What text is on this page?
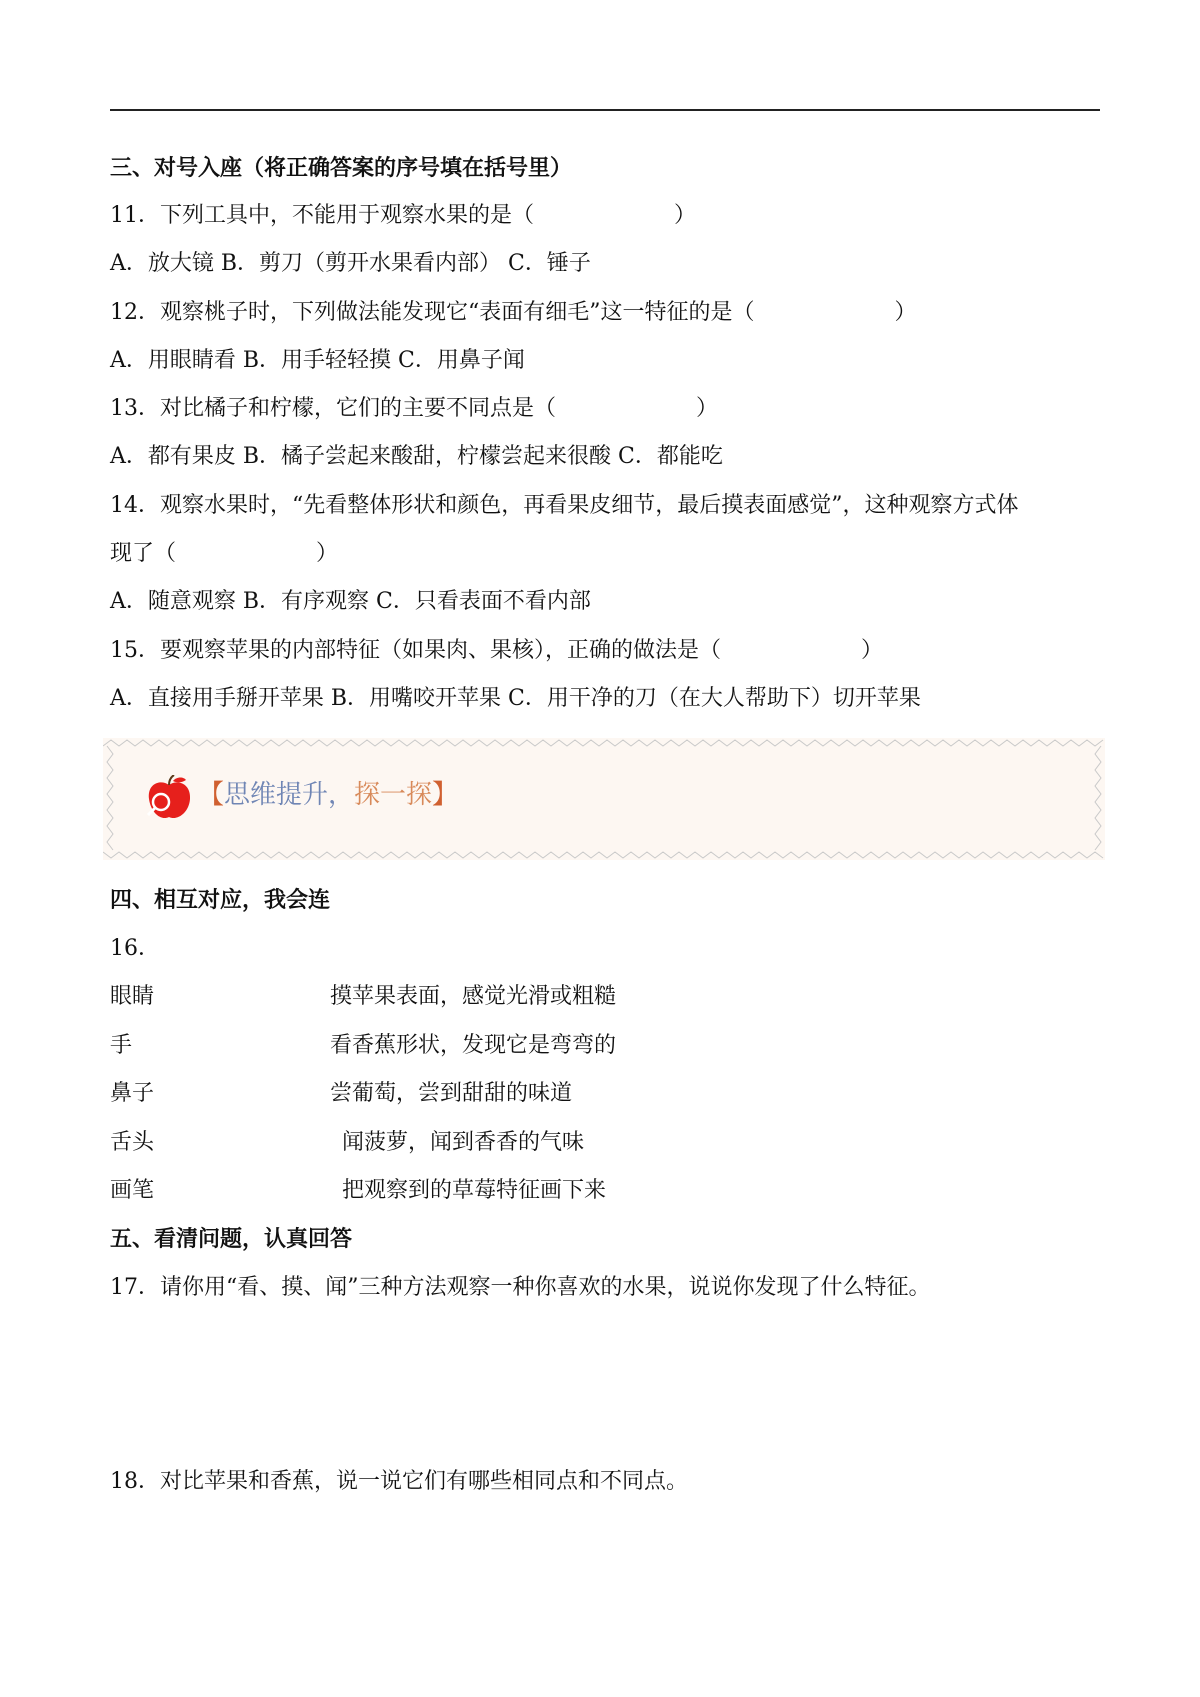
三、对号入座（将正确答案的序号填在括号里）
11．下列工具中，不能用于观察水果的是（	）
A．放大镜 B．剪刀（剪开水果看内部） C．锤子
12．观察桃子时，下列做法能发现它“表面有细毛”这一特征的是（	）
A．用眼睛看 B．用手轻轻摸 C．用鼻子闻
13．对比橘子和柠檬，它们的主要不同点是（	）
A．都有果皮 B．橘子尝起来酸甜，柠檬尝起来很酸 C．都能吃
14．观察水果时，“先看整体形状和颜色，再看果皮细节，最后摸表面感觉”，这种观察方式体
现了（	）
A．随意观察 B．有序观察 C．只看表面不看内部
15．要观察苹果的内部特征（如果肉、果核），正确的做法是（	）
A．直接用手掰开苹果 B．用嘴咬开苹果 C．用干净的刀（在大人帮助下）切开苹果
【思维提升，探一探】
四、相互对应，我会连
16．
眼睛	摸苹果表面，感觉光滑或粗糙
手	看香蕉形状，发现它是弯弯的
鼻子	尝葡萄，尝到甜甜的味道
舌头	闻菠萝，闻到香香的气味
画笔	把观察到的草莓特征画下来
五、看清问题，认真回答
17．请你用“看、摸、闻”三种方法观察一种你喜欢的水果，说说你发现了什么特征。
18．对比苹果和香蕉，说一说它们有哪些相同点和不同点。
